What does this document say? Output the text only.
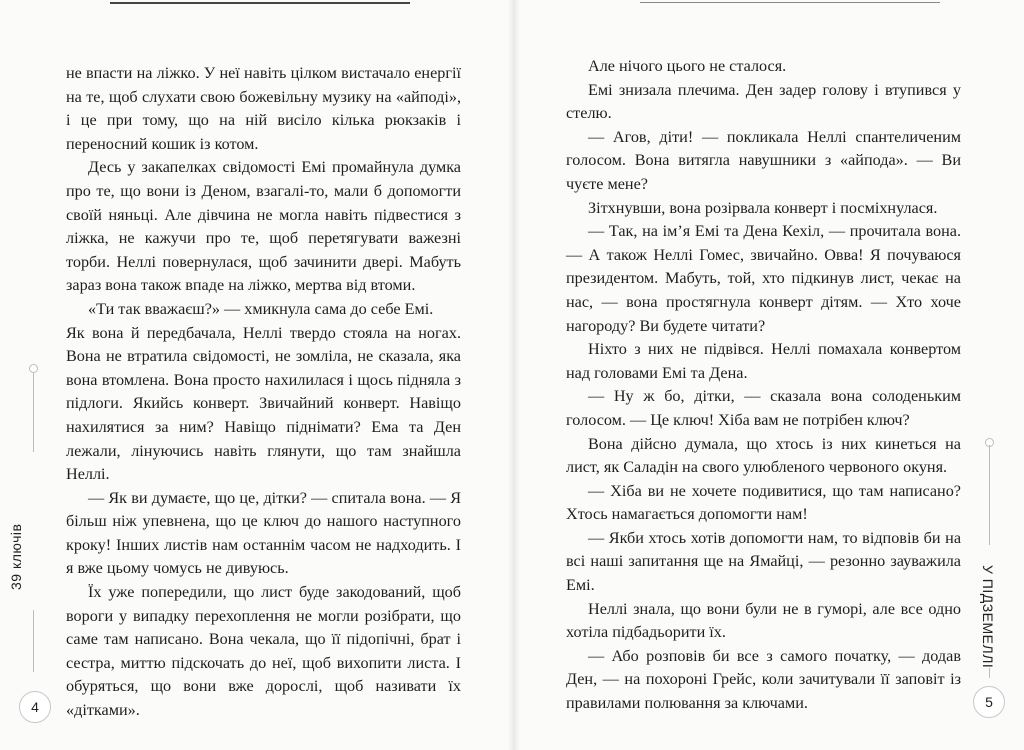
не впасти на ліжко. У неї навіть цілком вистачало енергії на те, щоб слухати свою божевільну музику на «айподі», і це при тому, що на ній висіло кілька рюкзаків і переносний кошик із котом.

Десь у закапелках свідомості Емі промайнула думка про те, що вони із Деном, взагалі-то, мали б допомогти своїй няньці. Але дівчина не могла навіть підвестися з ліжка, не кажучи про те, щоб перетягувати важезні торби. Неллі повернулася, щоб зачинити двері. Мабуть зараз вона також впаде на ліжко, мертва від втоми.

«Ти так вважаєш?» — хмикнула сама до себе Емі.

Як вона й передбачала, Неллі твердо стояла на ногах. Вона не втратила свідомості, не зомліла, не сказала, яка вона втомлена. Вона просто нахилилася і щось підняла з підлоги. Якийсь конверт. Звичайний конверт. Навіщо нахилятися за ним? Навіщо піднімати? Ема та Ден лежали, лінуючись навіть глянути, що там знайшла Неллі.

— Як ви думаєте, що це, дітки? — спитала вона. — Я більш ніж упевнена, що це ключ до нашого наступного кроку! Інших листів нам останнім часом не надходить. І я вже цьому чомусь не дивуюсь.

Їх уже попередили, що лист буде закодований, щоб вороги у випадку перехоплення не могли розібрати, що саме там написано. Вона чекала, що її підопічні, брат і сестра, миттю підскочать до неї, щоб вихопити листа. І обуряться, що вони вже дорослі, щоб називати їх «дітками».

39 ключів
4

Але нічого цього не сталося.

Емі знизала плечима. Ден задер голову і втупився у стелю.

— Агов, діти! — покликала Неллі спантеличеним голосом. Вона витягла навушники з «айпода». — Ви чуєте мене?

Зітхнувши, вона розірвала конверт і посміхнулася.

— Так, на ім’я Емі та Дена Кехіл, — прочитала вона. — А також Неллі Гомес, звичайно. Овва! Я почуваюся президентом. Мабуть, той, хто підкинув лист, чекає на нас, — вона простягнула конверт дітям. — Хто хоче нагороду? Ви будете читати?

Ніхто з них не підвівся. Неллі помахала конвертом над головами Емі та Дена.

— Ну ж бо, дітки, — сказала вона солоденьким голосом. — Це ключ! Хіба вам не потрібен ключ?

Вона дійсно думала, що хтось із них кинеться на лист, як Саладін на свого улюбленого червоного окуня.

— Хіба ви не хочете подивитися, що там написано? Хтось намагається допомогти нам!

— Якби хтось хотів допомогти нам, то відповів би на всі наші запитання ще на Ямайці, — резонно зауважила Емі.

Неллі знала, що вони були не в гуморі, але все одно хотіла підбадьорити їх.

— Або розповів би все з самого початку, — додав Ден, — на похороні Грейс, коли зачитували її заповіт із правилами полювання за ключами.

У ПІДЗЕМЕЛЛІ
5
